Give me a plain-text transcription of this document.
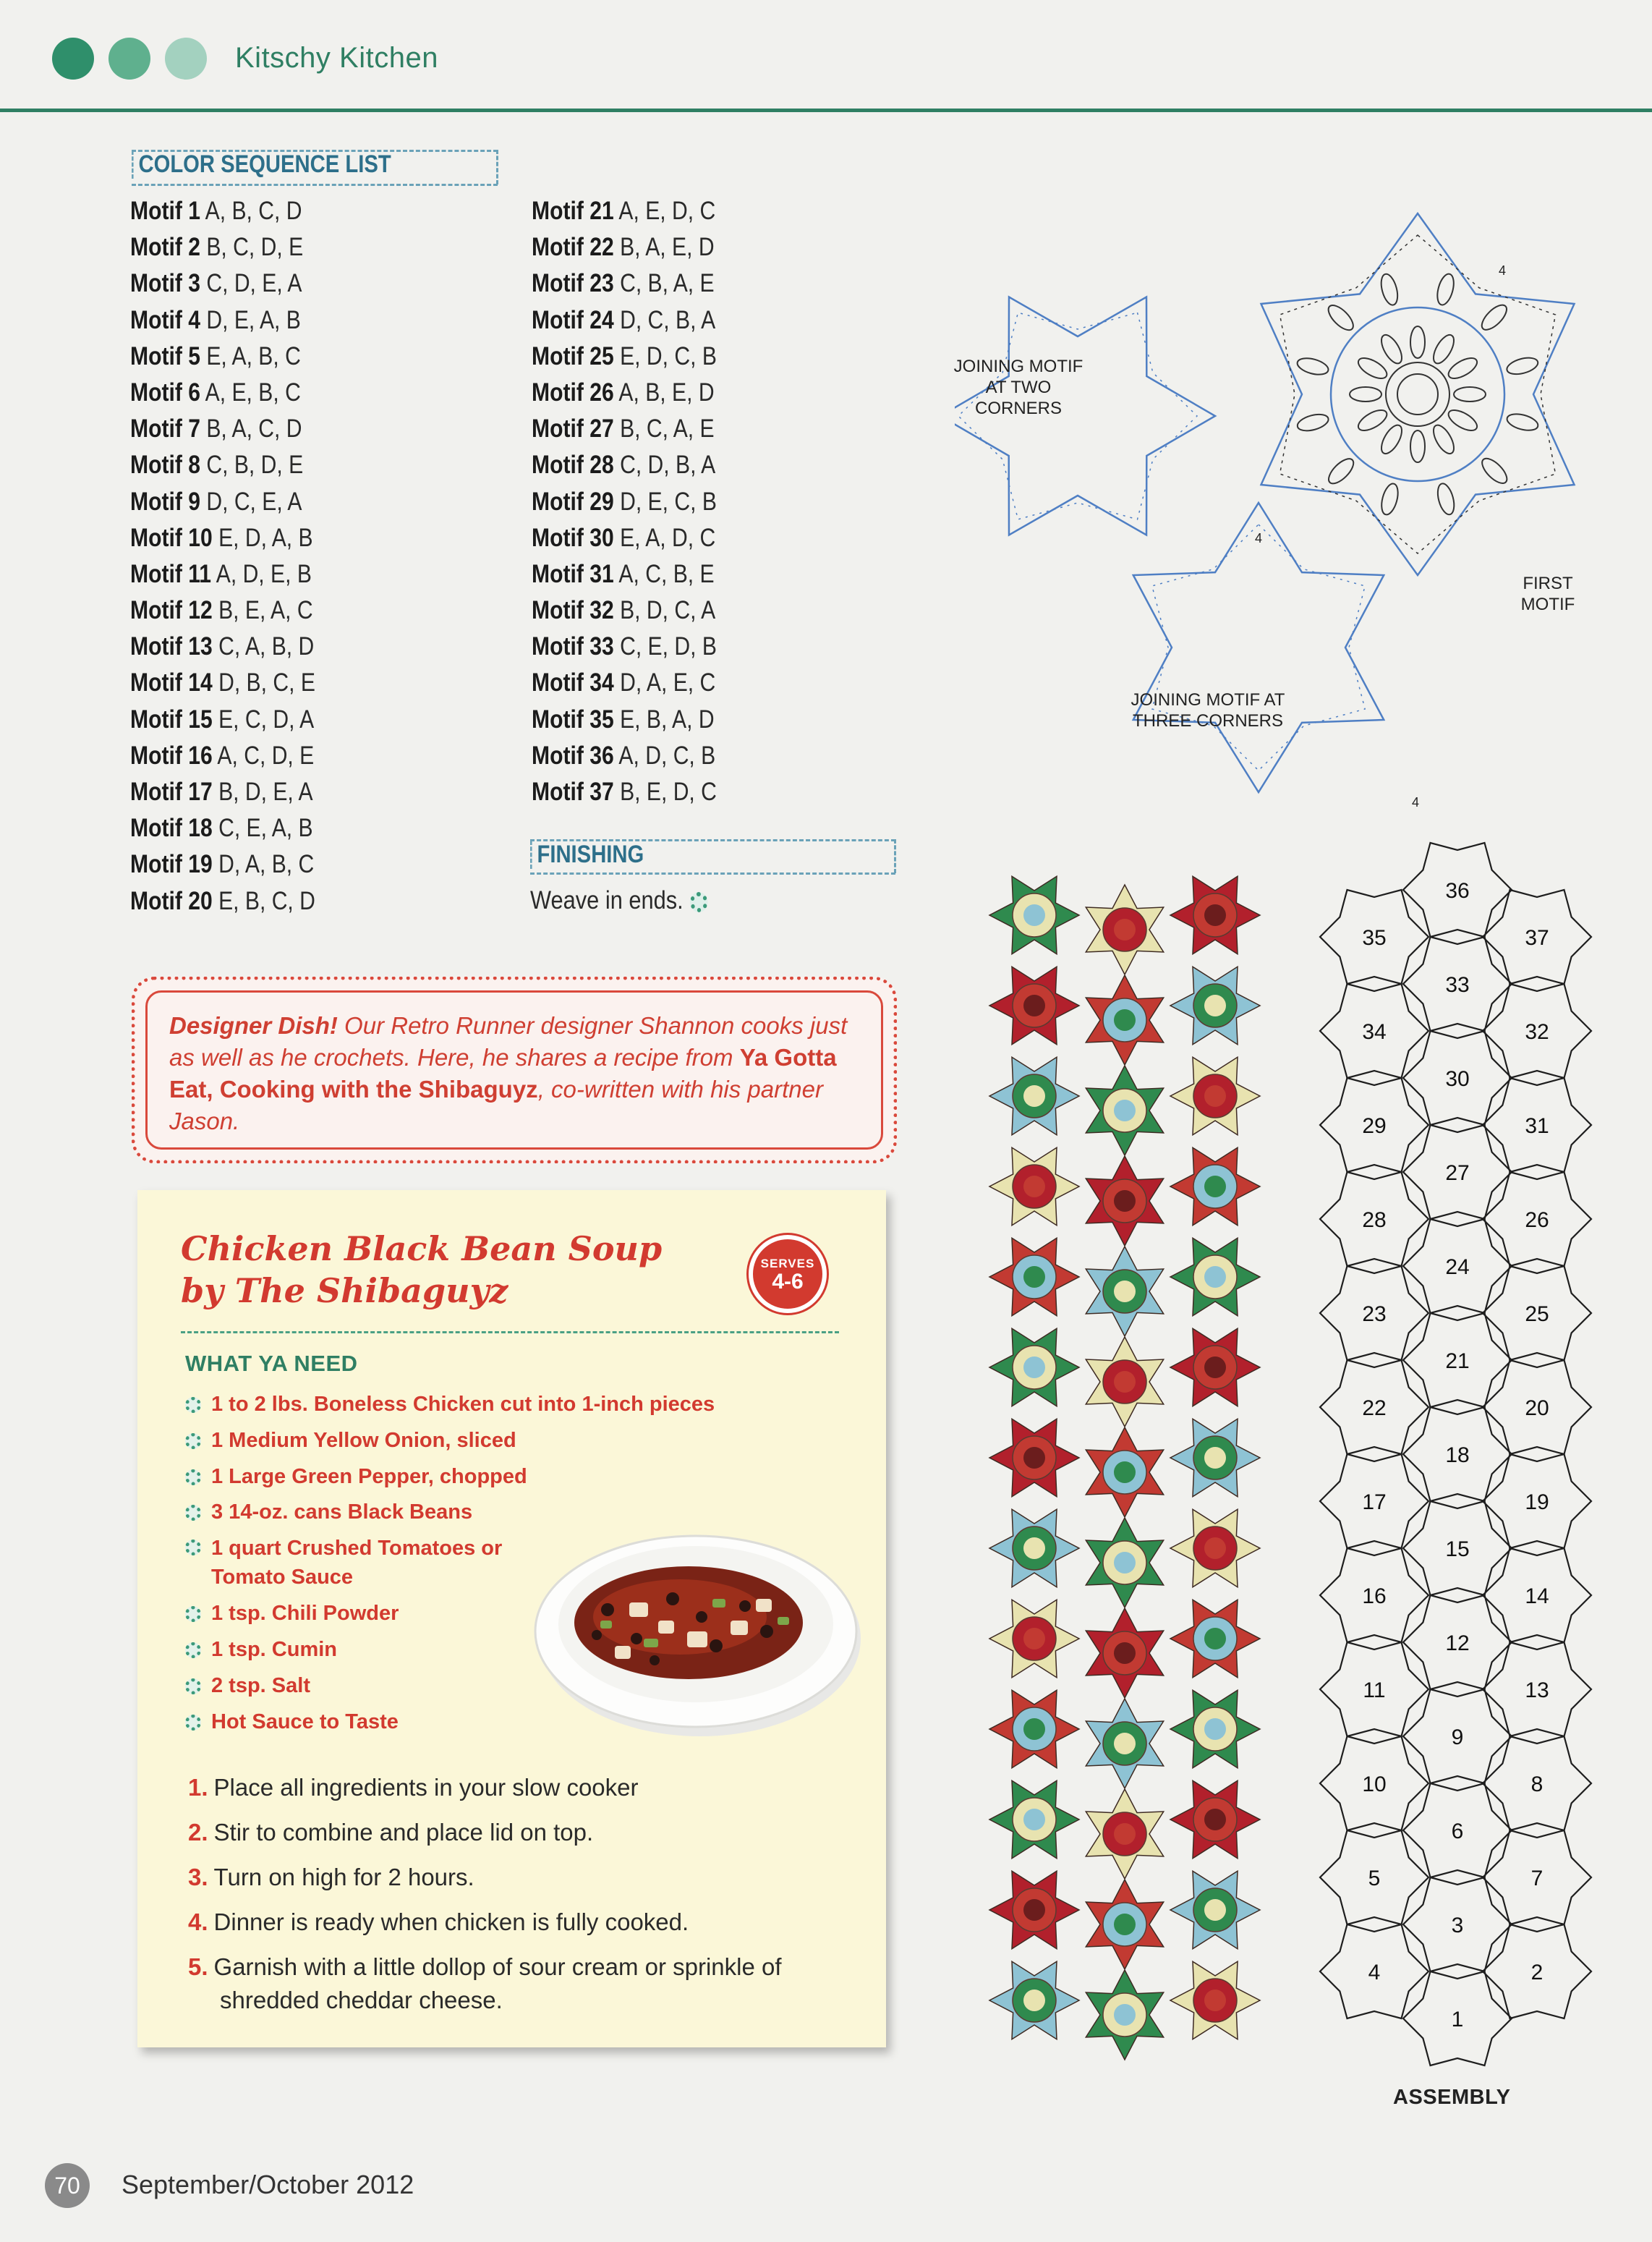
Kitschy Kitchen
COLOR SEQUENCE LIST
Motif 1 A, B, C, D
Motif 2 B, C, D, E
Motif 3 C, D, E, A
Motif 4 D, E, A, B
Motif 5 E, A, B, C
Motif 6 A, E, B, C
Motif 7 B, A, C, D
Motif 8 C, B, D, E
Motif 9 D, C, E, A
Motif 10 E, D, A, B
Motif 11 A, D, E, B
Motif 12 B, E, A, C
Motif 13 C, A, B, D
Motif 14 D, B, C, E
Motif 15 E, C, D, A
Motif 16 A, C, D, E
Motif 17 B, D, E, A
Motif 18 C, E, A, B
Motif 19 D, A, B, C
Motif 20 E, B, C, D
Motif 21 A, E, D, C
Motif 22 B, A, E, D
Motif 23 C, B, A, E
Motif 24 D, C, B, A
Motif 25 E, D, C, B
Motif 26 A, B, E, D
Motif 27 B, C, A, E
Motif 28 C, D, B, A
Motif 29 D, E, C, B
Motif 30 E, A, D, C
Motif 31 A, C, B, E
Motif 32 B, D, C, A
Motif 33 C, E, D, B
Motif 34 D, A, E, C
Motif 35 E, B, A, D
Motif 36 A, D, C, B
Motif 37 B, E, D, C
FINISHING
Weave in ends.
Designer Dish! Our Retro Runner designer Shannon cooks just as well as he crochets. Here, he shares a recipe from Ya Gotta Eat, Cooking with the Shibaguyz, co-written with his partner Jason.
Chicken Black Bean Soup
by The Shibaguyz
SERVES
4-6
WHAT YA NEED
1 to 2 lbs. Boneless Chicken cut into 1-inch pieces
1 Medium Yellow Onion, sliced
1 Large Green Pepper, chopped
3 14-oz. cans Black Beans
1 quart Crushed Tomatoes or Tomato Sauce
1 tsp. Chili Powder
1 tsp. Cumin
2 tsp. Salt
Hot Sauce to Taste
1. Place all ingredients in your slow cooker
2. Stir to combine and place lid on top.
3. Turn on high for 2 hours.
4. Dinner is ready when chicken is fully cooked.
5. Garnish with a little dollop of sour cream or sprinkle of shredded cheddar cheese.
4
4
4
JOINING MOTIF AT TWO CORNERS
FIRST MOTIF
JOINING MOTIF AT THREE CORNERS
36
35	37
33
34	32
30
29	31
27
28	26
24
23	25
21
22	20
18
17	19
15
16	14
12
11	13
9
10	8
6
5	7
3
4	2
1
ASSEMBLY
70	September/October 2012
